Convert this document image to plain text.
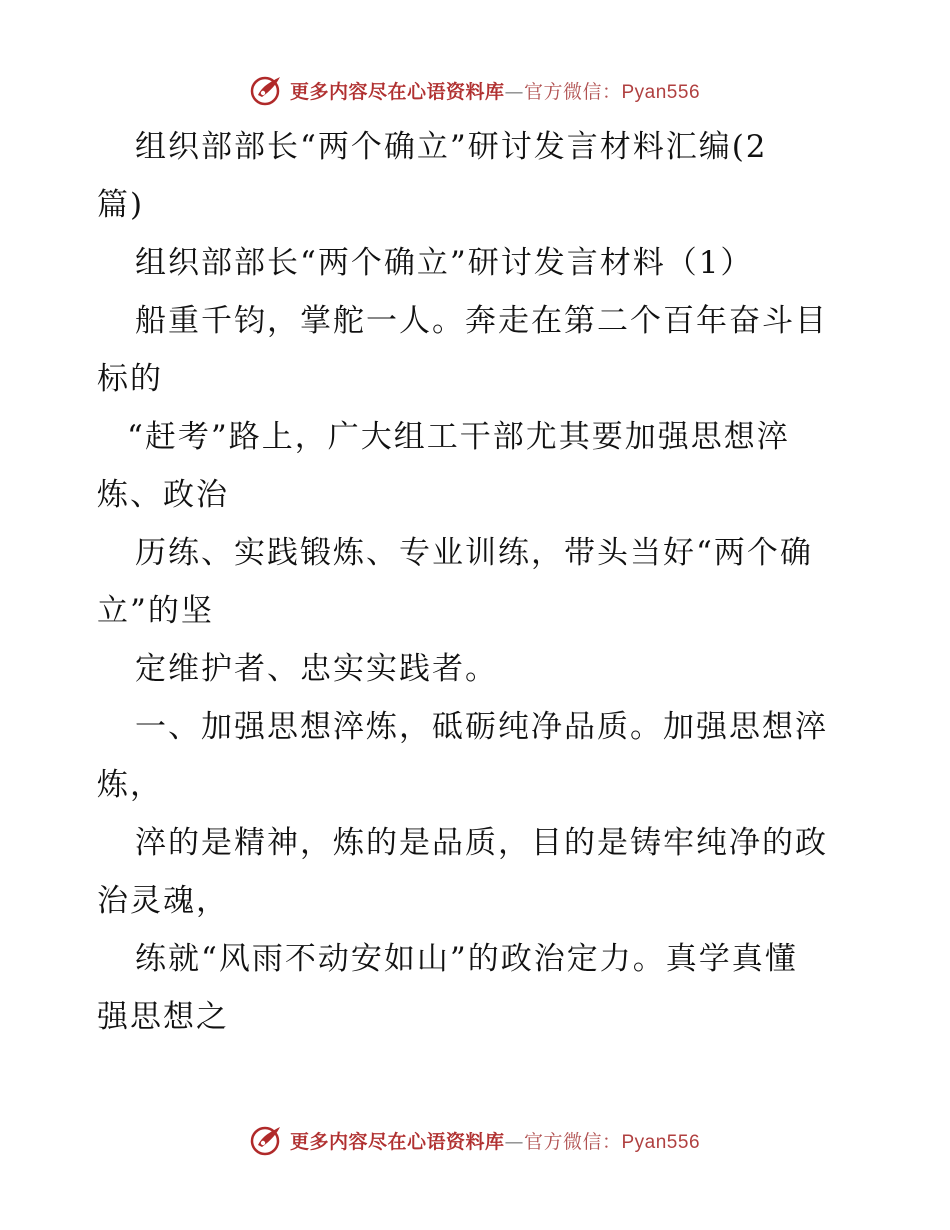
更多内容尽在心语资料库—官方微信：Pyan556
组织部部长“两个确立”研讨发言材料汇编(2
篇)
组织部部长“两个确立”研讨发言材料（1）
船重千钧，掌舵一人。奔走在第二个百年奋斗目
标的
“赶考”路上，广大组工干部尤其要加强思想淬
炼、政治
历练、实践锻炼、专业训练，带头当好“两个确
立”的坚
定维护者、忠实实践者。
一、加强思想淬炼，砥砺纯净品质。加强思想淬
炼，
淬的是精神，炼的是品质，目的是铸牢纯净的政
治灵魂，
练就“风雨不动安如山”的政治定力。真学真懂
强思想之
更多内容尽在心语资料库—官方微信：Pyan556
